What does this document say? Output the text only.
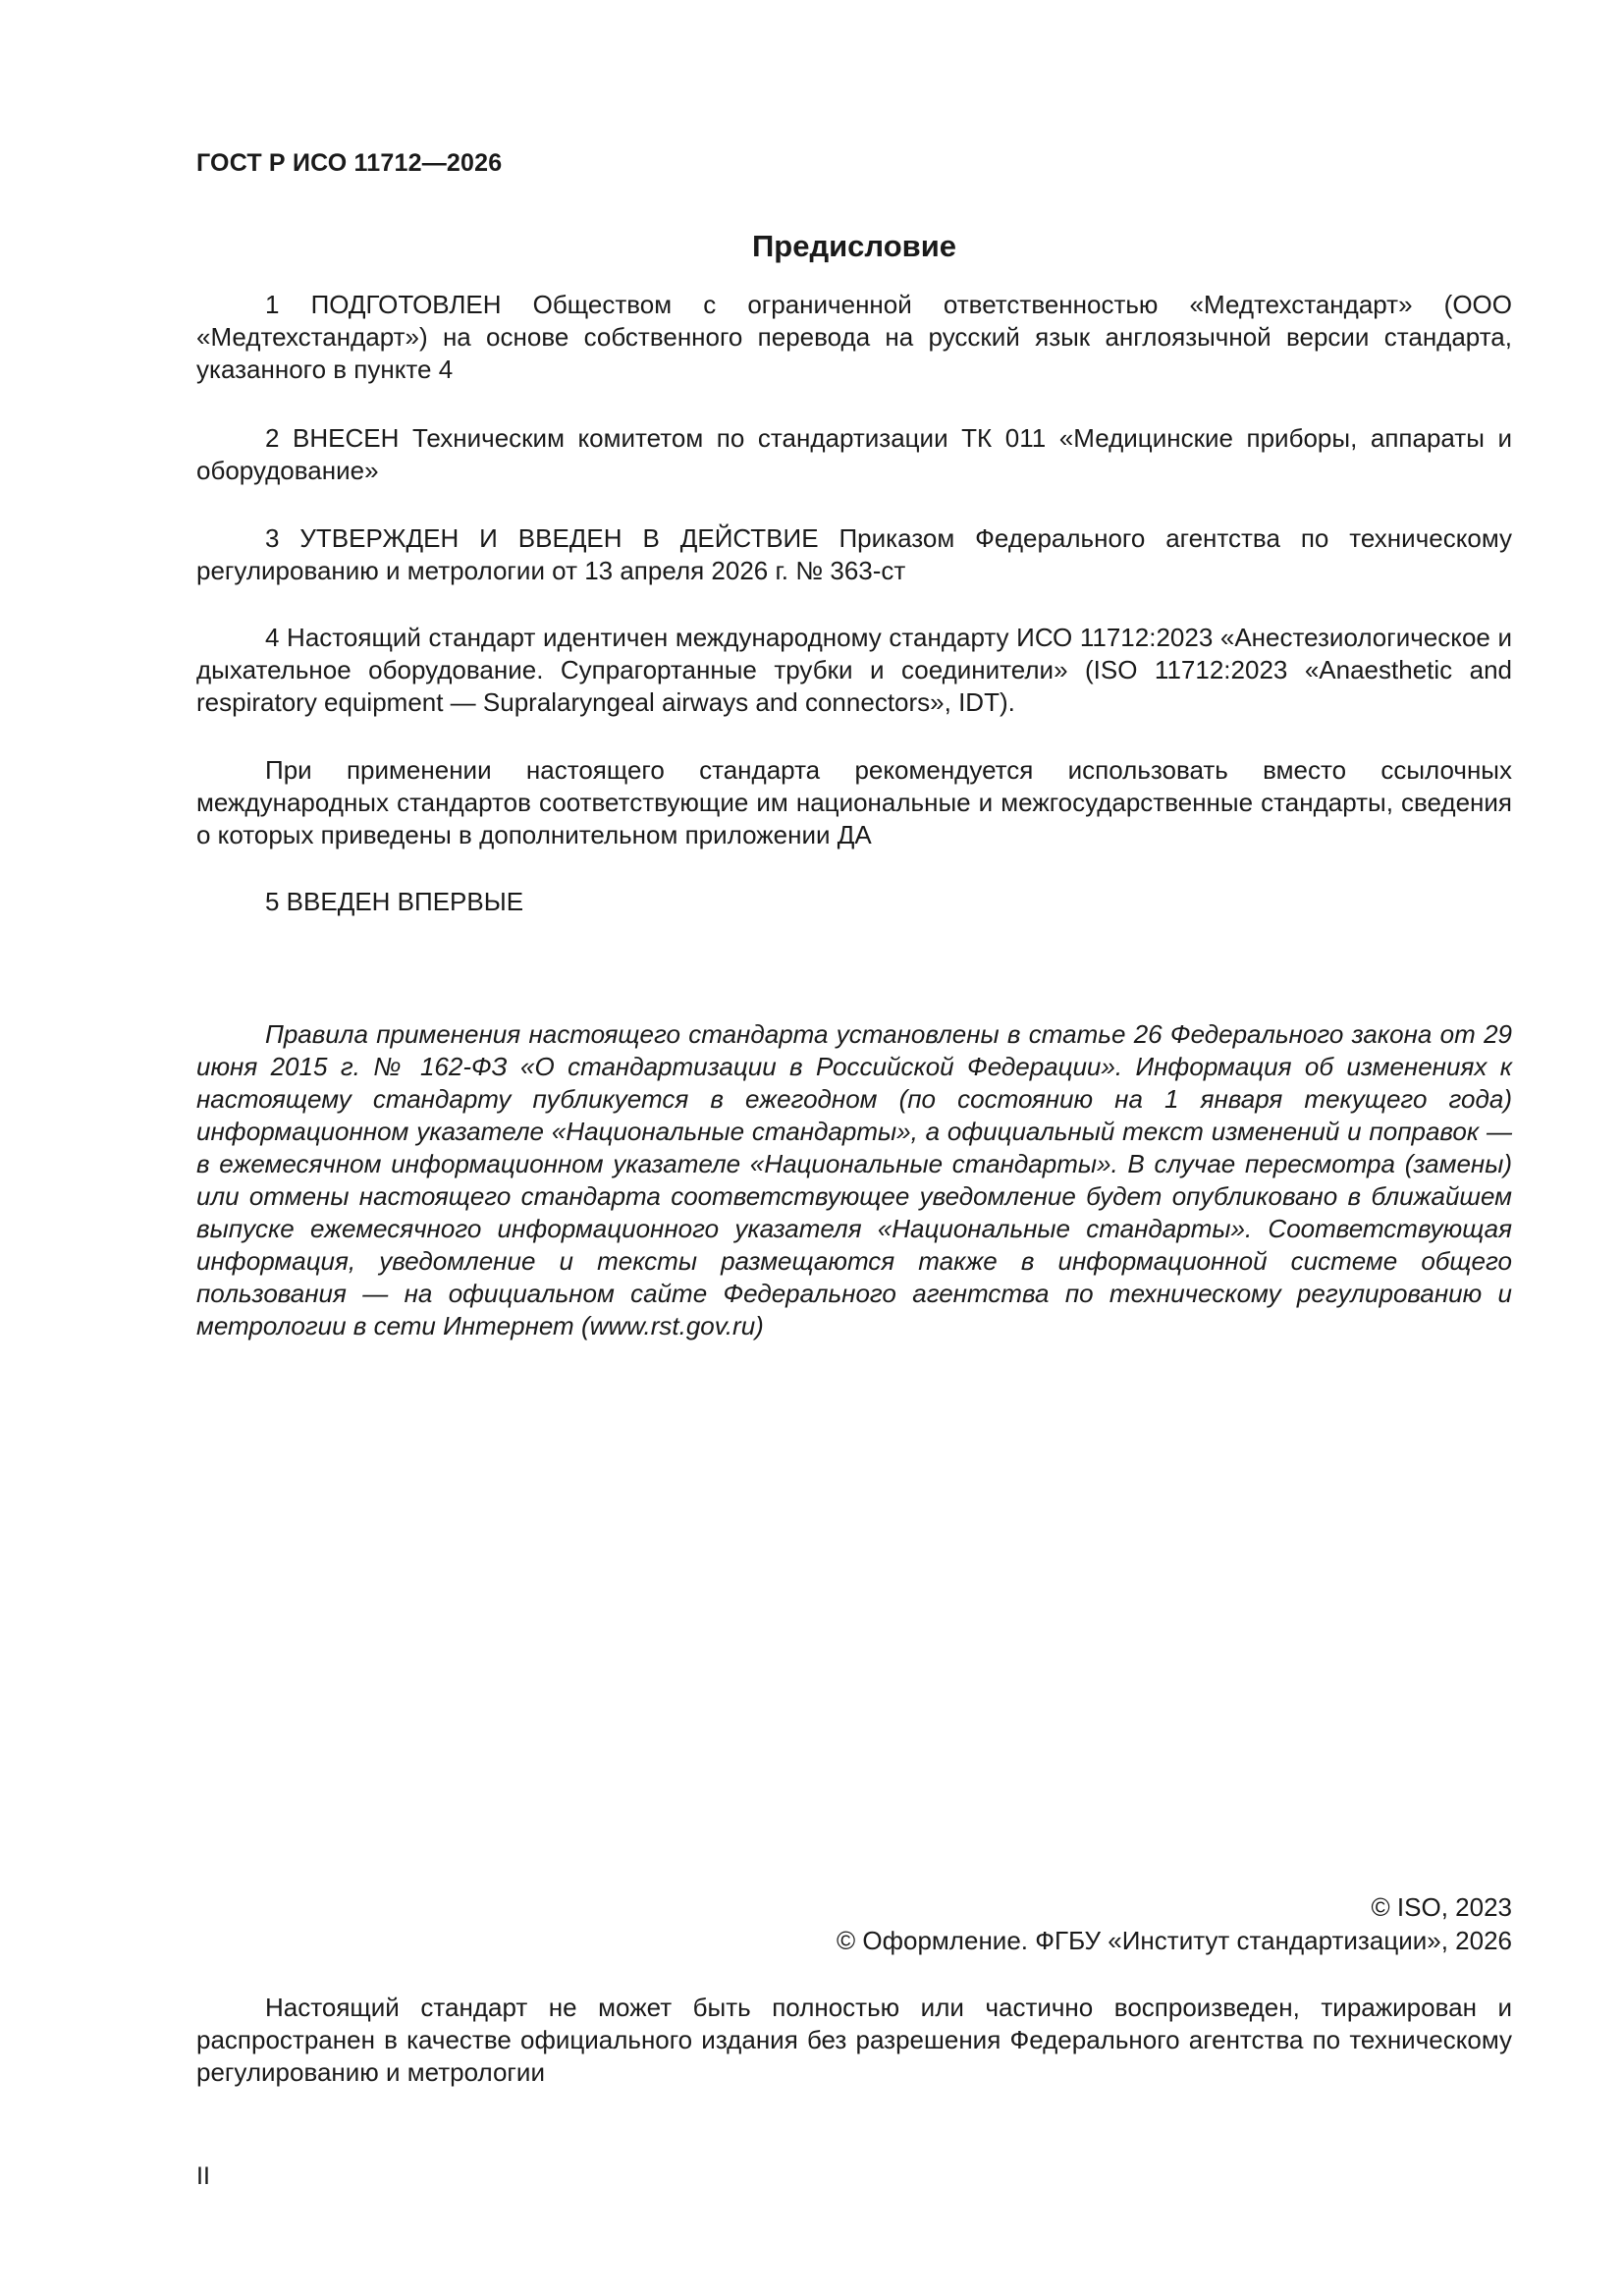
ГОСТ Р ИСО 11712—2026
Предисловие

1 ПОДГОТОВЛЕН Обществом с ограниченной ответственностью «Медтехстандарт» (ООО «Медтехстандарт») на основе собственного перевода на русский язык англоязычной версии стандарта, указанного в пункте 4

2 ВНЕСЕН Техническим комитетом по стандартизации ТК 011 «Медицинские приборы, аппараты и оборудование»

3 УТВЕРЖДЕН И ВВЕДЕН В ДЕЙСТВИЕ Приказом Федерального агентства по техническому регулированию и метрологии от 13 апреля 2026 г. № 363-ст

4 Настоящий стандарт идентичен международному стандарту ИСО 11712:2023 «Анестезиологическое и дыхательное оборудование. Супрагортанные трубки и соединители» (ISO 11712:2023 «Anaesthetic and respiratory equipment — Supralaryngeal airways and connectors», IDT).

При применении настоящего стандарта рекомендуется использовать вместо ссылочных международных стандартов соответствующие им национальные и межгосударственные стандарты, сведения о которых приведены в дополнительном приложении ДА

5 ВВЕДЕН ВПЕРВЫЕ

Правила применения настоящего стандарта установлены в статье 26 Федерального закона от 29 июня 2015 г. № 162-ФЗ «О стандартизации в Российской Федерации». Информация об изменениях к настоящему стандарту публикуется в ежегодном (по состоянию на 1 января текущего года) информационном указателе «Национальные стандарты», а официальный текст изменений и поправок — в ежемесячном информационном указателе «Национальные стандарты». В случае пересмотра (замены) или отмены настоящего стандарта соответствующее уведомление будет опубликовано в ближайшем выпуске ежемесячного информационного указателя «Национальные стандарты». Соответствующая информация, уведомление и тексты размещаются также в информационной системе общего пользования — на официальном сайте Федерального агентства по техническому регулированию и метрологии в сети Интернет (www.rst.gov.ru)

© ISO, 2023
© Оформление. ФГБУ «Институт стандартизации», 2026

Настоящий стандарт не может быть полностью или частично воспроизведен, тиражирован и распространен в качестве официального издания без разрешения Федерального агентства по техническому регулированию и метрологии

II
